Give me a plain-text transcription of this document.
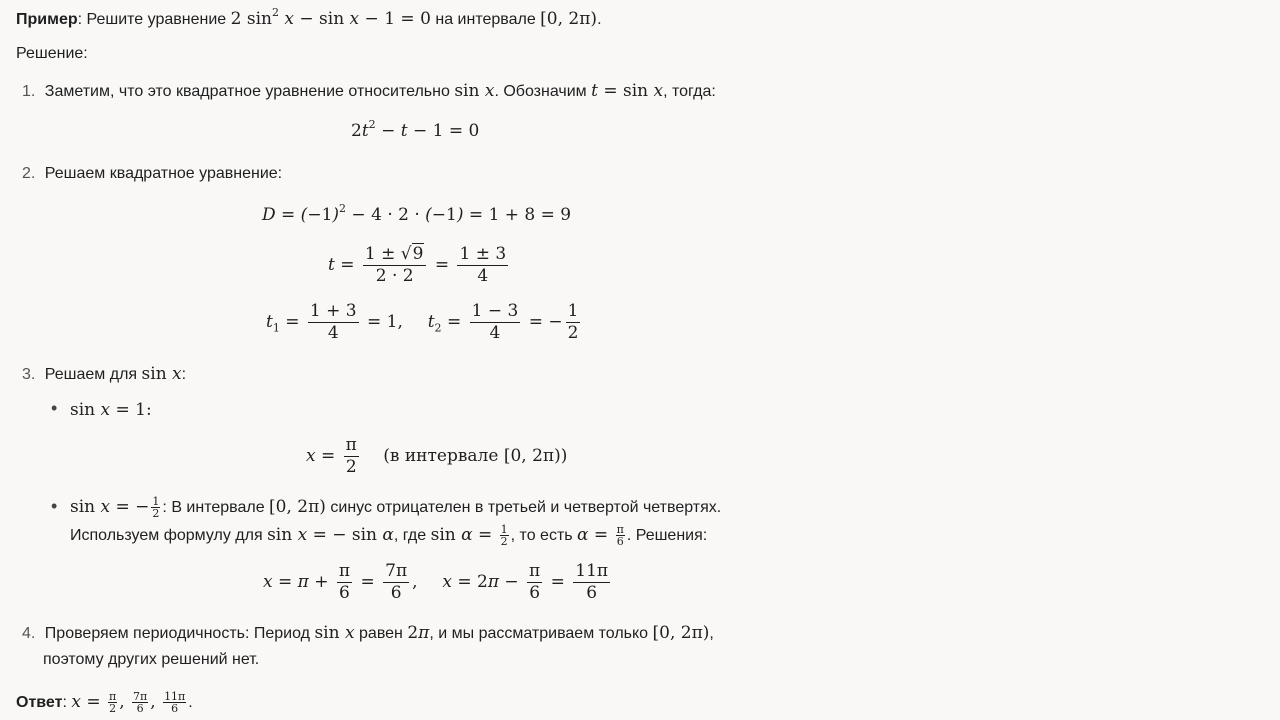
Пример: Решите уравнение 2 $\sin^2 x - \sin x - 1 = 0$ на интервале [0, 2π).
Решение:
1. Заметим, что это квадратное уравнение относительно sin x. Обозначим t = sin x, тогда:
$2t^2 - t - 1 = 0$
2. Решаем квадратное уравнение:
$D = (-1)^2 - 4 \cdot 2 \cdot (-1) = 1 + 8 = 9$
$t = \frac{1 \pm √9}{2 \cdot 2} = \frac{1 \pm 3}{4}$
$t_1 = \frac{1 + 3}{4} = 1$,  $t_2 = \frac{1 - 3}{4}$ = − $\frac{1}{2}$
3. Решаем для sin x:
• sin x = 1:
$x = \frac{\pi}{2} (в$ интервале [0, 2π))
• sin x = − $\frac{1}{2}$ : В интервале [0, 2π) синус отрицателен в третьей и четвертой четвертях.
Используем формулу для sin x = − sin α, где $\sin \alpha = \frac{1}{2}$ , то есть $\alpha = \frac{\pi}{6}$ . Решения:
$x = \pi + \frac{\pi}{6} = \frac{7\pi}{6}$ ,  $x = 2\pi - \frac{\pi}{6} = \frac{11\pi}{6}$
4. Проверяем периодичность: Период sin x равен 2π, и мы рассматриваем только [0, 2π),
поэтому других решений нет.
Ответ: $x = \frac{\pi}{2}$ , $\frac{7\pi}{6}$ , $\frac{11\pi}{6}$ .
